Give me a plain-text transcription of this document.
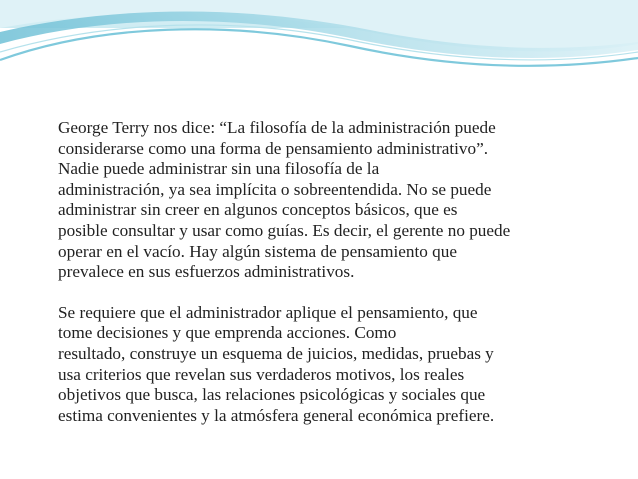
George Terry nos dice: “La filosofía de la administración puede
considerarse como una forma de pensamiento administrativo”.
Nadie puede administrar sin una filosofía de la
administración, ya sea implícita o sobreentendida. No se puede
administrar sin creer en algunos conceptos básicos, que es
posible consultar y usar como guías. Es decir, el gerente no puede
operar en el vacío. Hay algún sistema de pensamiento que
prevalece en sus esfuerzos administrativos.

Se requiere que el administrador aplique el pensamiento, que
tome decisiones y que emprenda acciones. Como
resultado, construye un esquema de juicios, medidas, pruebas y
usa criterios que revelan sus verdaderos motivos, los reales
objetivos que busca, las relaciones psicológicas y sociales que
estima convenientes y la atmósfera general económica prefiere.
